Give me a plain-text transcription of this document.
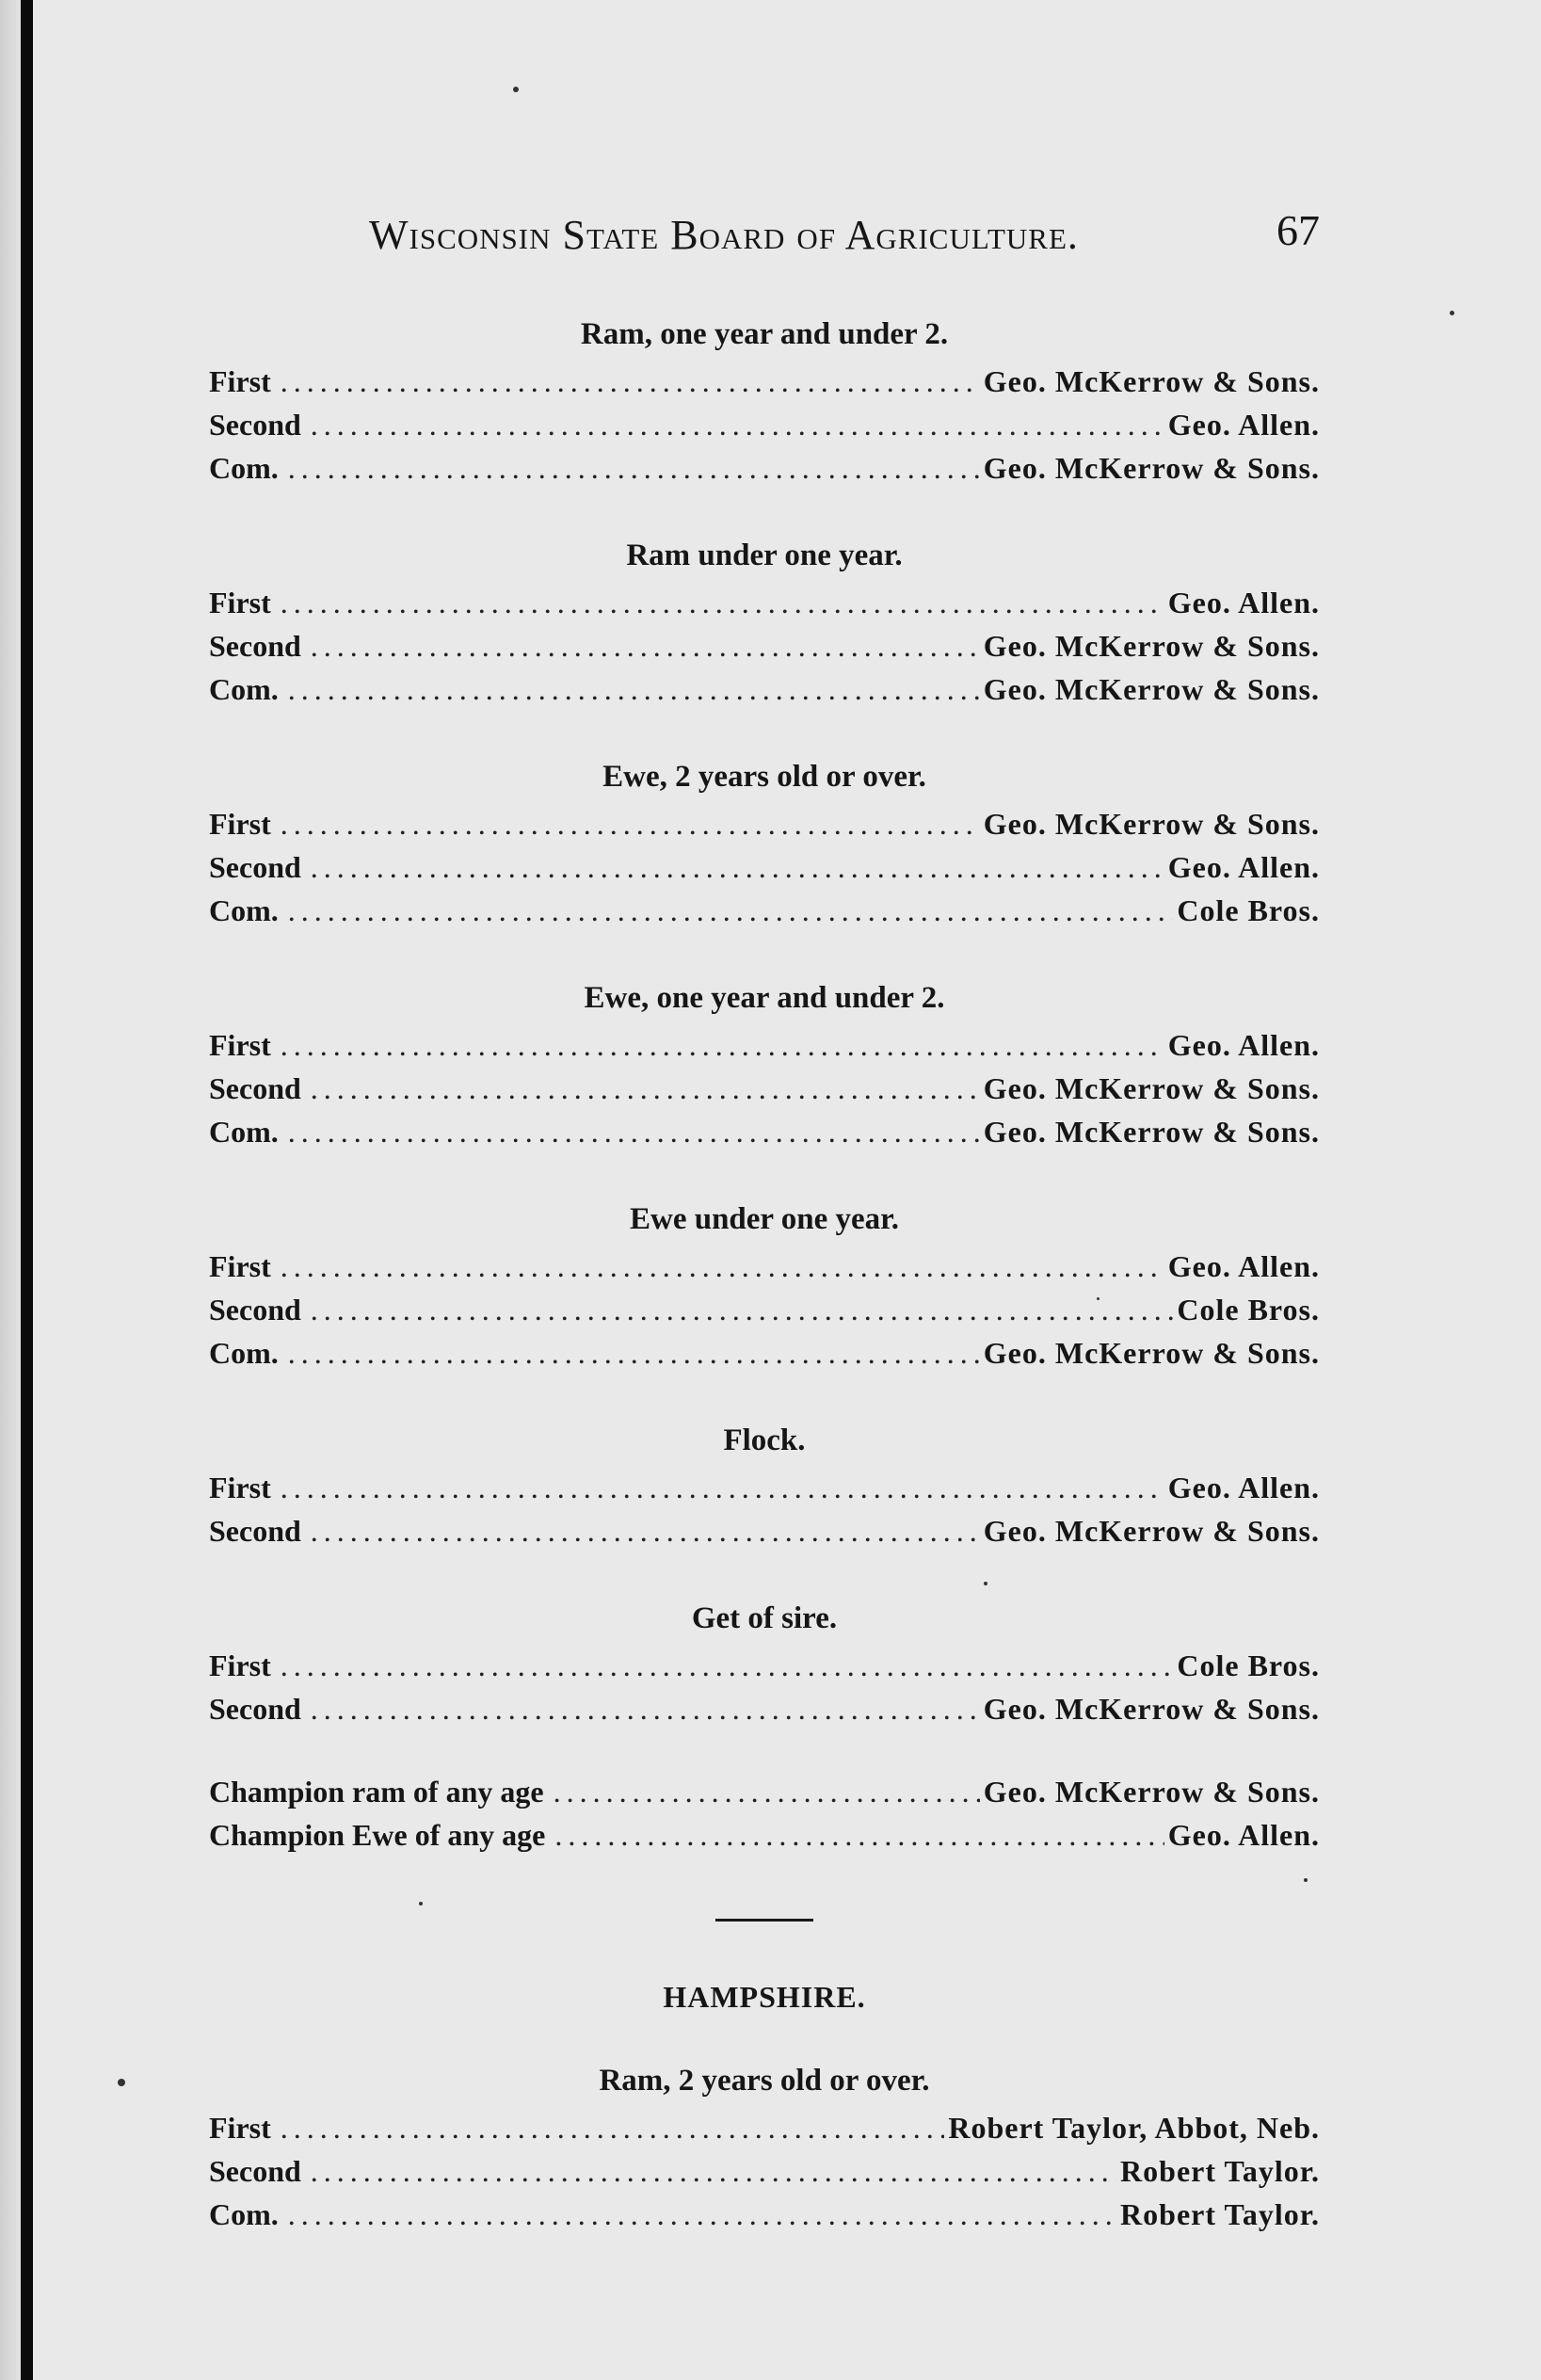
Wisconsin State Board of Agriculture.	67
Ram, one year and under 2.
First . . .	Geo. McKerrow & Sons.
Second . . .	Geo. Allen.
Com. . . .	Geo. McKerrow & Sons.
Ram under one year.
First . . .	Geo. Allen.
Second . . .	Geo. McKerrow & Sons.
Com. . . .	Geo. McKerrow & Sons.
Ewe, 2 years old or over.
First . . .	Geo. McKerrow & Sons.
Second . . .	Geo. Allen.
Com. . . .	Cole Bros.
Ewe, one year and under 2.
First . . .	Geo. Allen.
Second . . .	Geo. McKerrow & Sons.
Com. . . .	Geo. McKerrow & Sons.
Ewe under one year.
First . . .	Geo. Allen.
Second . . .	Cole Bros.
Com. . . .	Geo. McKerrow & Sons.
Flock.
First . . .	Geo. Allen.
Second . . .	Geo. McKerrow & Sons.
Get of sire.
First . . .	Cole Bros.
Second . . .	Geo. McKerrow & Sons.
Champion ram of any age . . .	Geo. McKerrow & Sons.
Champion Ewe of any age . . .	Geo. Allen.
HAMPSHIRE.
Ram, 2 years old or over.
First . . .	Robert Taylor, Abbot, Neb.
Second . . .	Robert Taylor.
Com. . . .	Robert Taylor.
